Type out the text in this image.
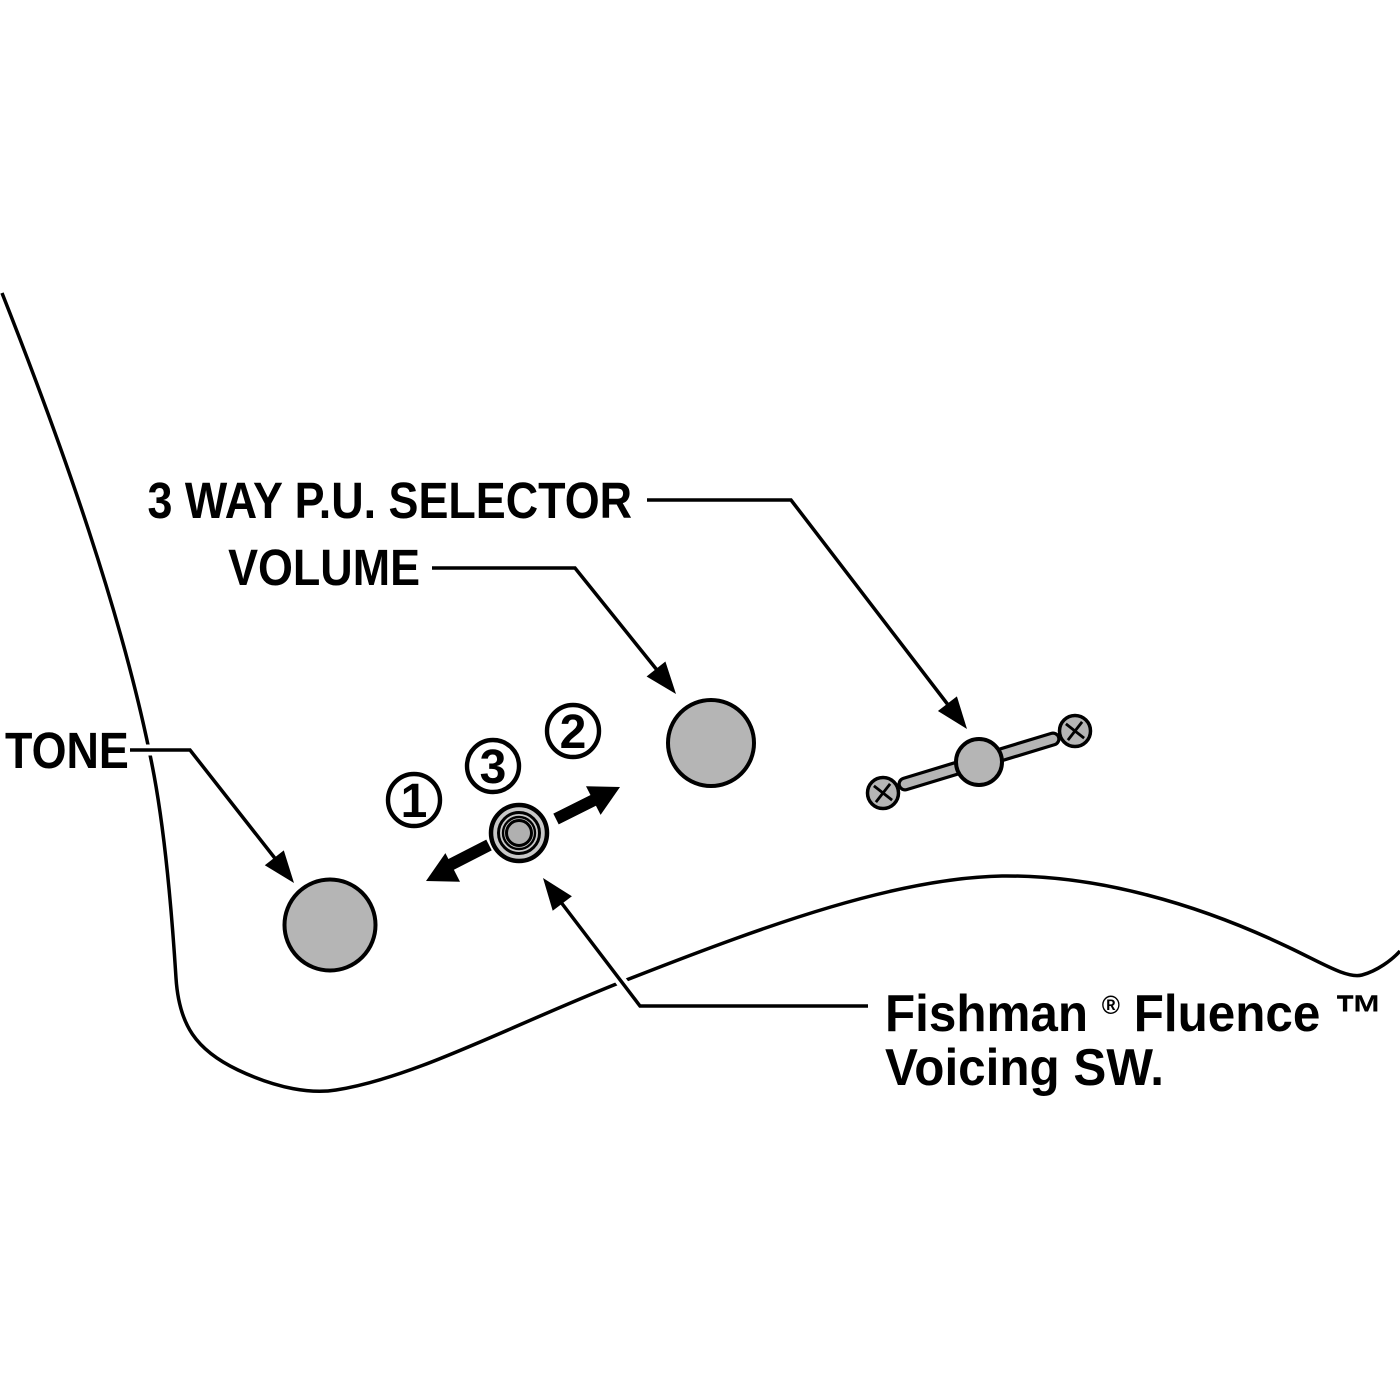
1
3
2
3 WAY P.U. SELECTOR
VOLUME
TONE
Fishman ® Fluence ™
Voicing SW.
